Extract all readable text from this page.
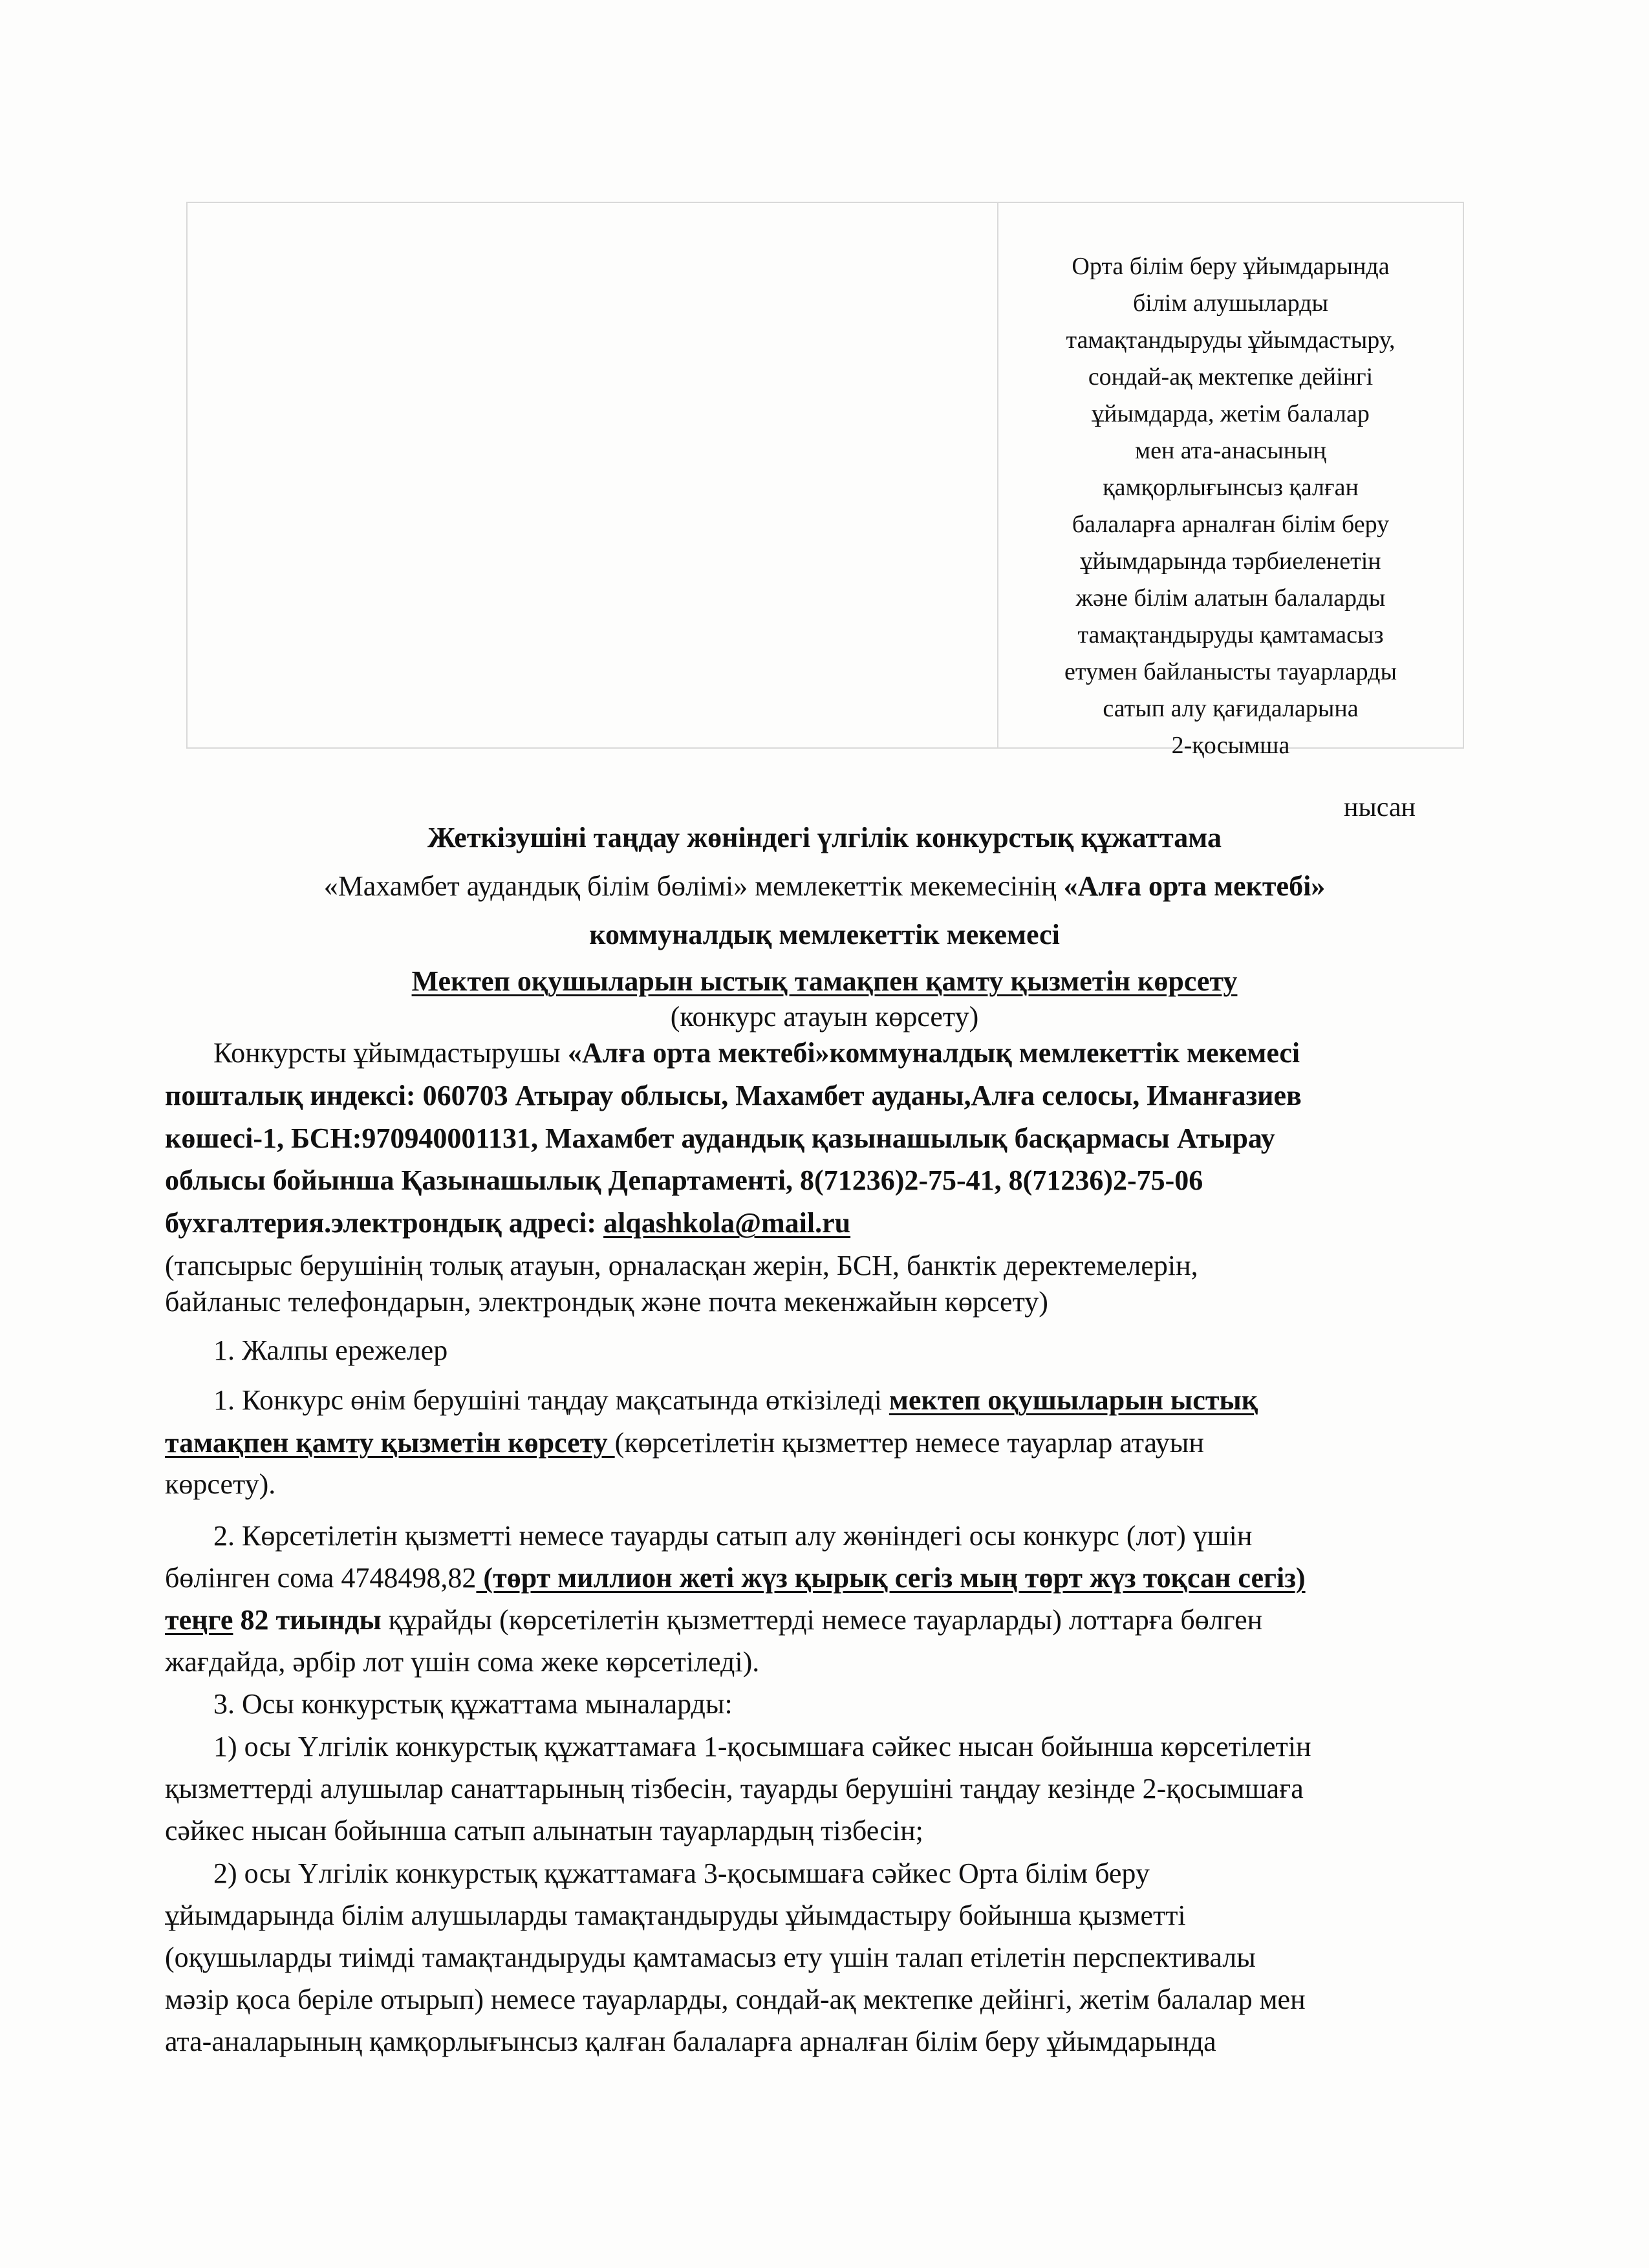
Орта білім беру ұйымдарында
білім алушыларды
тамақтандыруды ұйымдастыру,
сондай-ақ мектепке дейінгі
ұйымдарда, жетім балалар
мен ата-анасының
қамқорлығынсыз қалған
балаларға арналған білім беру
ұйымдарында тәрбиеленетін
және білім алатын балаларды
тамақтандыруды қамтамасыз
етумен байланысты тауарларды
сатып алу қағидаларына
2-қосымша
нысан
Жеткізушіні таңдау жөніндегі үлгілік конкурстық құжаттама
«Махамбет аудандық білім бөлімі» мемлекеттік мекемесінің «Алға орта мектебі»
коммуналдық мемлекеттік мекемесі
Мектеп оқушыларын ыстық тамақпен қамту қызметін көрсету
(конкурс атауын көрсету)
Конкурсты ұйымдастырушы «Алға орта мектебі»коммуналдық мемлекеттік мекемесі
пошталық индексі: 060703 Атырау облысы, Махамбет ауданы,Алға селосы, Иманғазиев
көшесі-1, БСН:970940001131, Махамбет аудандық қазынашылық басқармасы Атырау
облысы бойынша Қазынашылық Департаменті, 8(71236)2-75-41, 8(71236)2-75-06
бухгалтерия.электрондық адресі: alqashkola@mail.ru
(тапсырыс берушінің толық атауын, орналасқан жерін, БСН, банктік деректемелерін,
байланыс телефондарын, электрондық және почта мекенжайын көрсету)
1. Жалпы ережелер
1. Конкурс өнім берушіні таңдау мақсатында өткізіледі мектеп оқушыларын ыстық
тамақпен қамту қызметін көрсету (көрсетілетін қызметтер немесе тауарлар атауын
көрсету).
2. Көрсетілетін қызметті немесе тауарды сатып алу жөніндегі осы конкурс (лот) үшін
бөлінген сома 4748498,82 (төрт миллион жеті жүз қырық сегіз мың төрт жүз тоқсан сегіз)
теңге 82 тиынды құрайды (көрсетілетін қызметтерді немесе тауарларды) лоттарға бөлген
жағдайда, әрбір лот үшін сома жеке көрсетіледі).
3. Осы конкурстық құжаттама мыналарды:
1) осы Үлгілік конкурстық құжаттамаға 1-қосымшаға сәйкес нысан бойынша көрсетілетін
қызметтерді алушылар санаттарының тізбесін, тауарды берушіні таңдау кезінде 2-қосымшаға
сәйкес нысан бойынша сатып алынатын тауарлардың тізбесін;
2) осы Үлгілік конкурстық құжаттамаға 3-қосымшаға сәйкес Орта білім беру
ұйымдарында білім алушыларды тамақтандыруды ұйымдастыру бойынша қызметті
(оқушыларды тиімді тамақтандыруды қамтамасыз ету үшін талап етілетін перспективалы
мәзір қоса беріле отырып) немесе тауарларды, сондай-ақ мектепке дейінгі, жетім балалар мен
ата-аналарының қамқорлығынсыз қалған балаларға арналған білім беру ұйымдарында
